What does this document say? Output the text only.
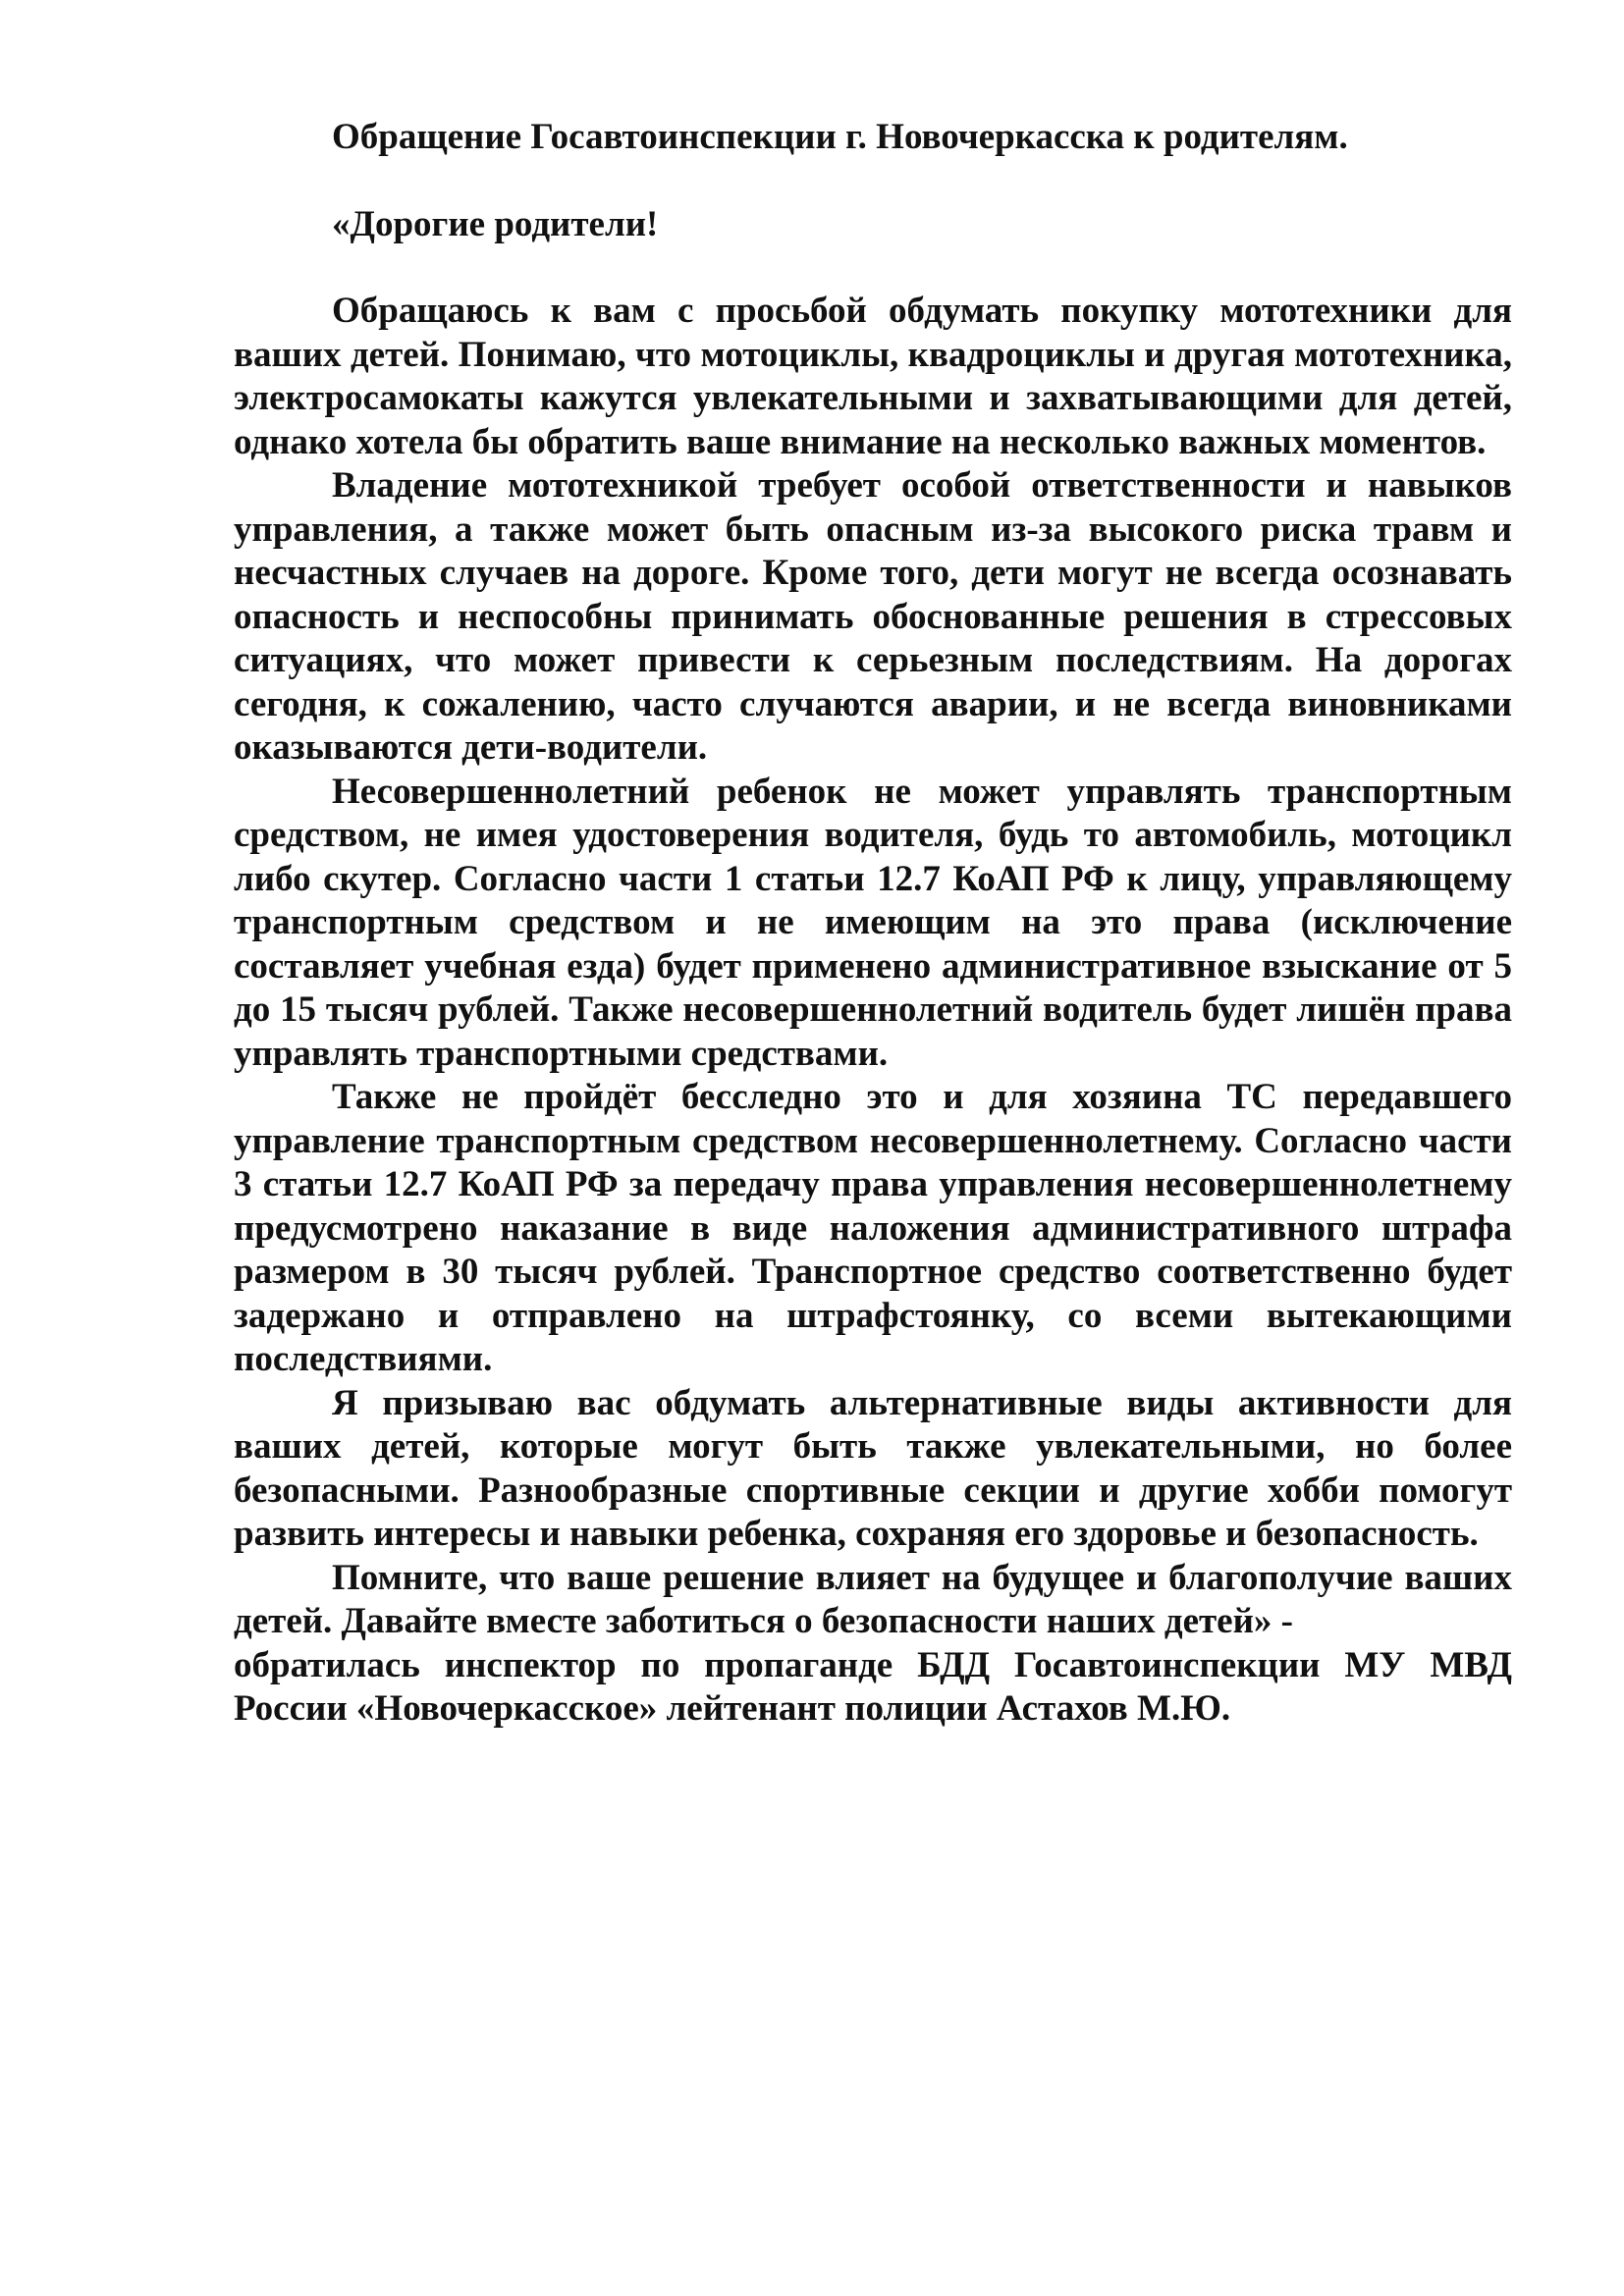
Обращение Госавтоинспекции г. Новочеркасска к родителям.

«Дорогие родители!

Обращаюсь к вам с просьбой обдумать покупку мототехники для ваших детей. Понимаю, что мотоциклы, квадроциклы и другая мототехника, электросамокаты кажутся увлекательными и захватывающими для детей, однако хотела бы обратить ваше внимание на несколько важных моментов.

Владение мототехникой требует особой ответственности и навыков управления, а также может быть опасным из-за высокого риска травм и несчастных случаев на дороге. Кроме того, дети могут не всегда осознавать опасность и неспособны принимать обоснованные решения в стрессовых ситуациях, что может привести к серьезным последствиям. На дорогах сегодня, к сожалению, часто случаются аварии, и не всегда виновниками оказываются дети-водители.

Несовершеннолетний ребенок не может управлять транспортным средством, не имея удостоверения водителя, будь то автомобиль, мотоцикл либо скутер. Согласно части 1 статьи 12.7 КоАП РФ к лицу, управляющему транспортным средством и не имеющим на это права (исключение составляет учебная езда) будет применено административное взыскание от 5 до 15 тысяч рублей. Также несовершеннолетний водитель будет лишён права управлять транспортными средствами.

Также не пройдёт бесследно это и для хозяина ТС передавшего управление транспортным средством несовершеннолетнему. Согласно части 3 статьи 12.7 КоАП РФ за передачу права управления несовершеннолетнему предусмотрено наказание в виде наложения административного штрафа размером в 30 тысяч рублей. Транспортное средство соответственно будет задержано и отправлено на штрафстоянку, со всеми вытекающими последствиями.

Я призываю вас обдумать альтернативные виды активности для ваших детей, которые могут быть также увлекательными, но более безопасными. Разнообразные спортивные секции и другие хобби помогут развить интересы и навыки ребенка, сохраняя его здоровье и безопасность.

Помните, что ваше решение влияет на будущее и благополучие ваших детей. Давайте вместе заботиться о безопасности наших детей» -

обратилась инспектор по пропаганде БДД Госавтоинспекции МУ МВД России «Новочеркасское» лейтенант полиции Астахов М.Ю.
